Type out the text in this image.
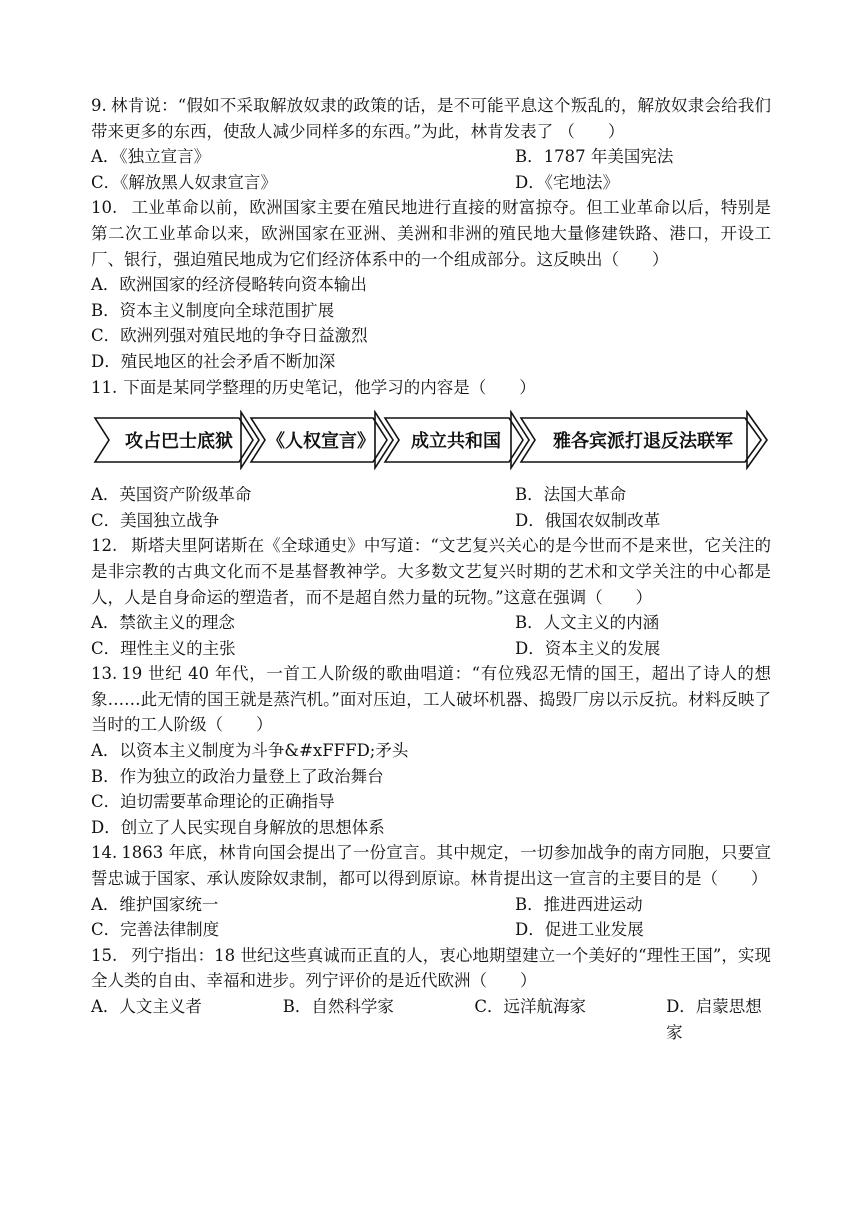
9. 林肯说：“假如不采取解放奴隶的政策的话，是不可能平息这个叛乱的，解放奴隶会给我们带来更多的东西，使敌人减少同样多的东西。”为此，林肯发表了 （　　）

A．《独立宣言》	B．1787 年美国宪法
C．《解放黑人奴隶宣言》	D．《宅地法》

10. 工业革命以前，欧洲国家主要在殖民地进行直接的财富掠夺。但工业革命以后，特别是第二次工业革命以来，欧洲国家在亚洲、美洲和非洲的殖民地大量修建铁路、港口，开设工厂、银行，强迫殖民地成为它们经济体系中的一个组成部分。这反映出（　　）

A．欧洲国家的经济侵略转向资本输出

B．资本主义制度向全球范围扩展

C．欧洲列强对殖民地的争夺日益激烈

D．殖民地区的社会矛盾不断加深

11. 下面是某同学整理的历史笔记，他学习的内容是（　　）

攻占巴士底狱 《人权宣言》 成立共和国	雅各宾派打退反法联军
A．英国资产阶级革命	B．法国大革命
C．美国独立战争	D．俄国农奴制改革

12. 斯塔夫里阿诺斯在《全球通史》中写道：“文艺复兴关心的是今世而不是来世，它关注的是非宗教的古典文化而不是基督教神学。大多数文艺复兴时期的艺术和文学关注的中心都是人，人是自身命运的塑造者，而不是超自然力量的玩物。”这意在强调（　　）

A．禁欲主义的理念	B．人文主义的内涵
C．理性主义的主张	D．资本主义的发展

13. 19 世纪 40 年代，一首工人阶级的歌曲唱道：“有位残忍无情的国王，超出了诗人的想象……此无情的国王就是蒸汽机。”面对压迫，工人破坏机器、捣毁厂房以示反抗。材料反映了当时的工人阶级（　　）

A．以资本主义制度为斗争&#xFFFD;矛头

B．作为独立的政治力量登上了政治舞台

C．迫切需要革命理论的正确指导

D．创立了人民实现自身解放的思想体系

14. 1863 年底，林肯向国会提出了一份宣言。其中规定，一切参加战争的南方同胞，只要宣誓忠诚于国家、承认废除奴隶制，都可以得到原谅。林肯提出这一宣言的主要目的是（　　）

A．维护国家统一	B．推进西进运动
C．完善法律制度	D．促进工业发展

15. 列宁指出：18 世纪这些真诚而正直的人，衷心地期望建立一个美好的“理性王国”，实现全人类的自由、幸福和进步。列宁评价的是近代欧洲（　　）

A．人文主义者	B．自然科学家	C．远洋航海家	D．启蒙思想家
